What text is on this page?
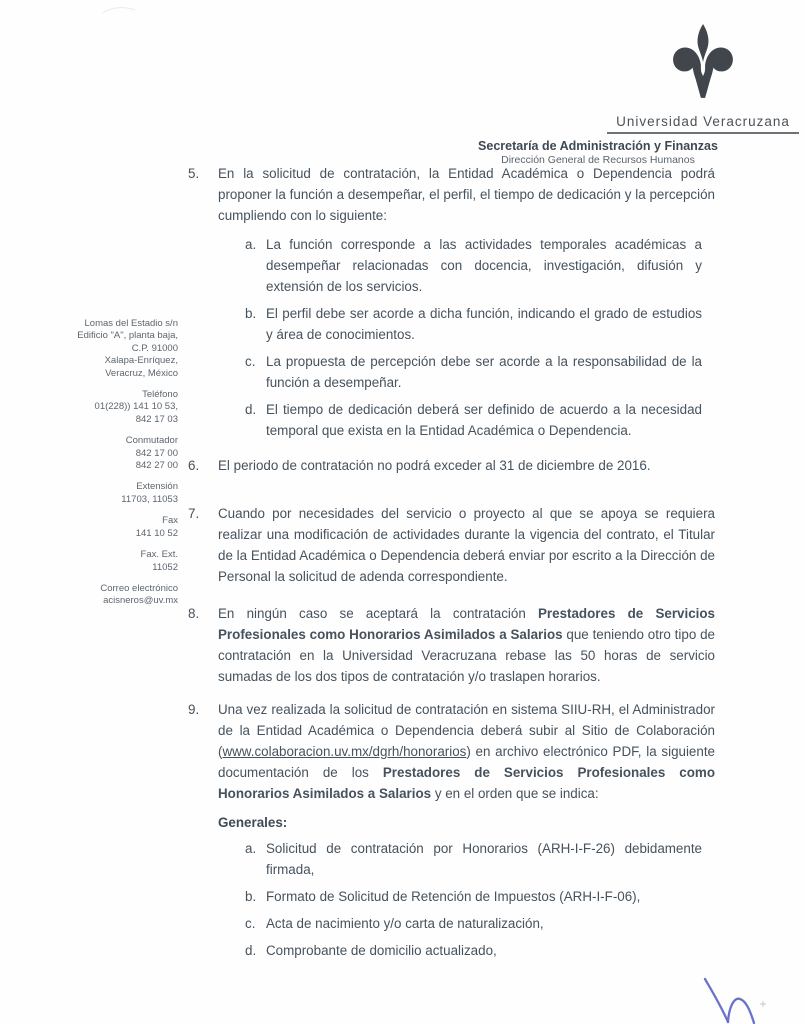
Universidad Veracruzana
Secretaría de Administración y Finanzas
Dirección General de Recursos Humanos
Lomas del Estadio s/n
Edificio "A", planta baja,
C.P. 91000
Xalapa-Enríquez,
Veracruz, México
Teléfono
01(228)) 141 10 53,
842 17 03
Conmutador
842 17 00
842 27 00
Extensión
11703, 11053
Fax
141 10 52
Fax. Ext.
11052
Correo electrónico
acisneros@uv.mx
5.	En la solicitud de contratación, la Entidad Académica o Dependencia podrá proponer la función a desempeñar, el perfil, el tiempo de dedicación y la percepción cumpliendo con lo siguiente:
a. La función corresponde a las actividades temporales académicas a desempeñar relacionadas con docencia, investigación, difusión y extensión de los servicios.
b. El perfil debe ser acorde a dicha función, indicando el grado de estudios y área de conocimientos.
c. La propuesta de percepción debe ser acorde a la responsabilidad de la función a desempeñar.
d. El tiempo de dedicación deberá ser definido de acuerdo a la necesidad temporal que exista en la Entidad Académica o Dependencia.
6.	El periodo de contratación no podrá exceder al 31 de diciembre de 2016.
7.	Cuando por necesidades del servicio o proyecto al que se apoya se requiera realizar una modificación de actividades durante la vigencia del contrato, el Titular de la Entidad Académica o Dependencia deberá enviar por escrito a la Dirección de Personal la solicitud de adenda correspondiente.
8.	En ningún caso se aceptará la contratación Prestadores de Servicios Profesionales como Honorarios Asimilados a Salarios que teniendo otro tipo de contratación en la Universidad Veracruzana rebase las 50 horas de servicio sumadas de los dos tipos de contratación y/o traslapen horarios.
9.	Una vez realizada la solicitud de contratación en sistema SIIU-RH, el Administrador de la Entidad Académica o Dependencia deberá subir al Sitio de Colaboración (www.colaboracion.uv.mx/dgrh/honorarios) en archivo electrónico PDF, la siguiente documentación de los Prestadores de Servicios Profesionales como Honorarios Asimilados a Salarios y en el orden que se indica:
Generales:
a. Solicitud de contratación por Honorarios (ARH-I-F-26) debidamente firmada,
b. Formato de Solicitud de Retención de Impuestos (ARH-I-F-06),
c. Acta de nacimiento y/o carta de naturalización,
d. Comprobante de domicilio actualizado,
